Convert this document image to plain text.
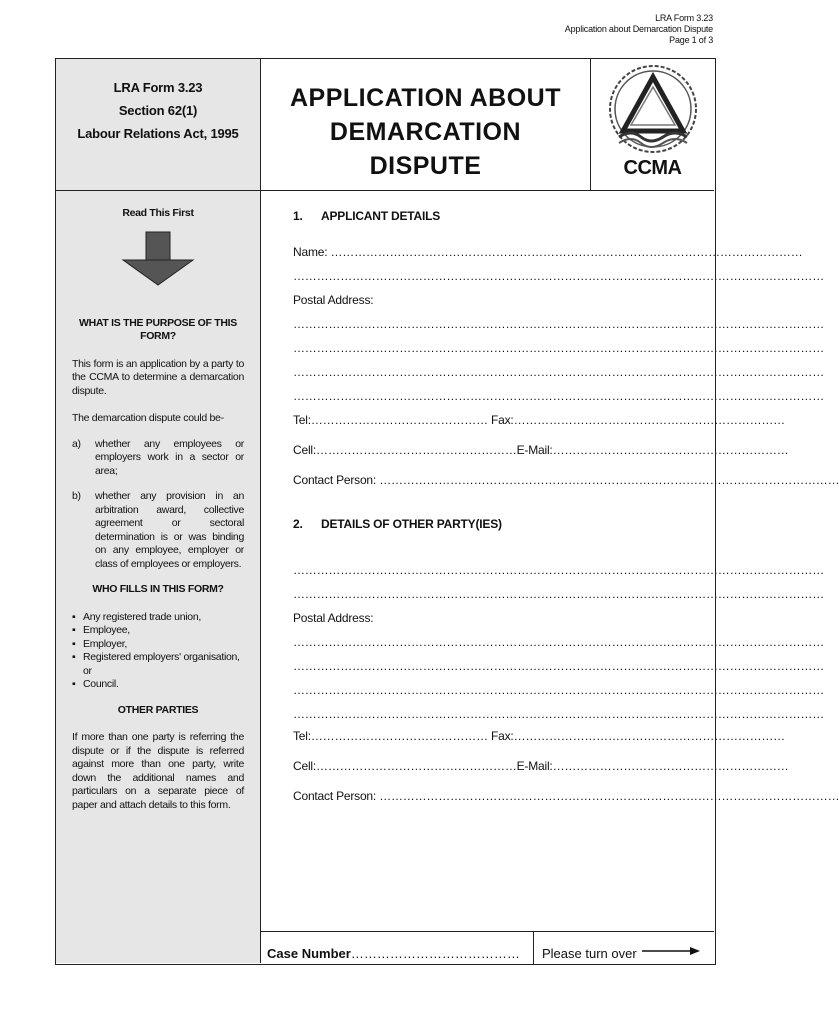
LRA Form 3.23
Application about Demarcation Dispute
Page 1 of 3
LRA Form 3.23
Section 62(1)
Labour Relations Act, 1995
APPLICATION ABOUT
DEMARCATION
DISPUTE	CCMA
Read This First
WHAT IS THE PURPOSE OF THIS FORM?
This form is an application by a party to the CCMA to determine a demarcation dispute.
The demarcation dispute could be-
a)	whether any employees or employers work in a sector or area;
b)	whether any provision in an arbitration award, collective agreement or sectoral determination is or was binding on any employee, employer or class of employees or employers.
WHO FILLS IN THIS FORM?
▪ Any registered trade union,
▪ Employee,
▪ Employer,
▪ Registered employers' organisation, or
▪ Council.
OTHER PARTIES
If more than one party is referring the dispute or if the dispute is referred against more than one party, write down the additional names and particulars on a separate piece of paper and attach details to this form.
1. APPLICANT DETAILS
Name: …………………………………………………………………………………………………………
………………………………………………………………………………………………………………………
Postal Address:
………………………………………………………………………………………………………………………
………………………………………………………………………………………………………………………
………………………………………………………………………………………………………………………
………………………………………………………………………………………………………………………
Tel:……………………………………… Fax:……………………………………………………………
Cell:……………………………………………E-Mail:……………………………………………………
Contact Person: ………………………………………………………………………………………………………
2. DETAILS OF OTHER PARTY(IES)
………………………………………………………………………………………………………………………
………………………………………………………………………………………………………………………
Postal Address:
………………………………………………………………………………………………………………………
………………………………………………………………………………………………………………………
………………………………………………………………………………………………………………………
………………………………………………………………………………………………………………………
Tel:……………………………………… Fax:……………………………………………………………
Cell:……………………………………………E-Mail:……………………………………………………
Contact Person: ………………………………………………………………………………………………………
Case Number………………………………… Please turn over
